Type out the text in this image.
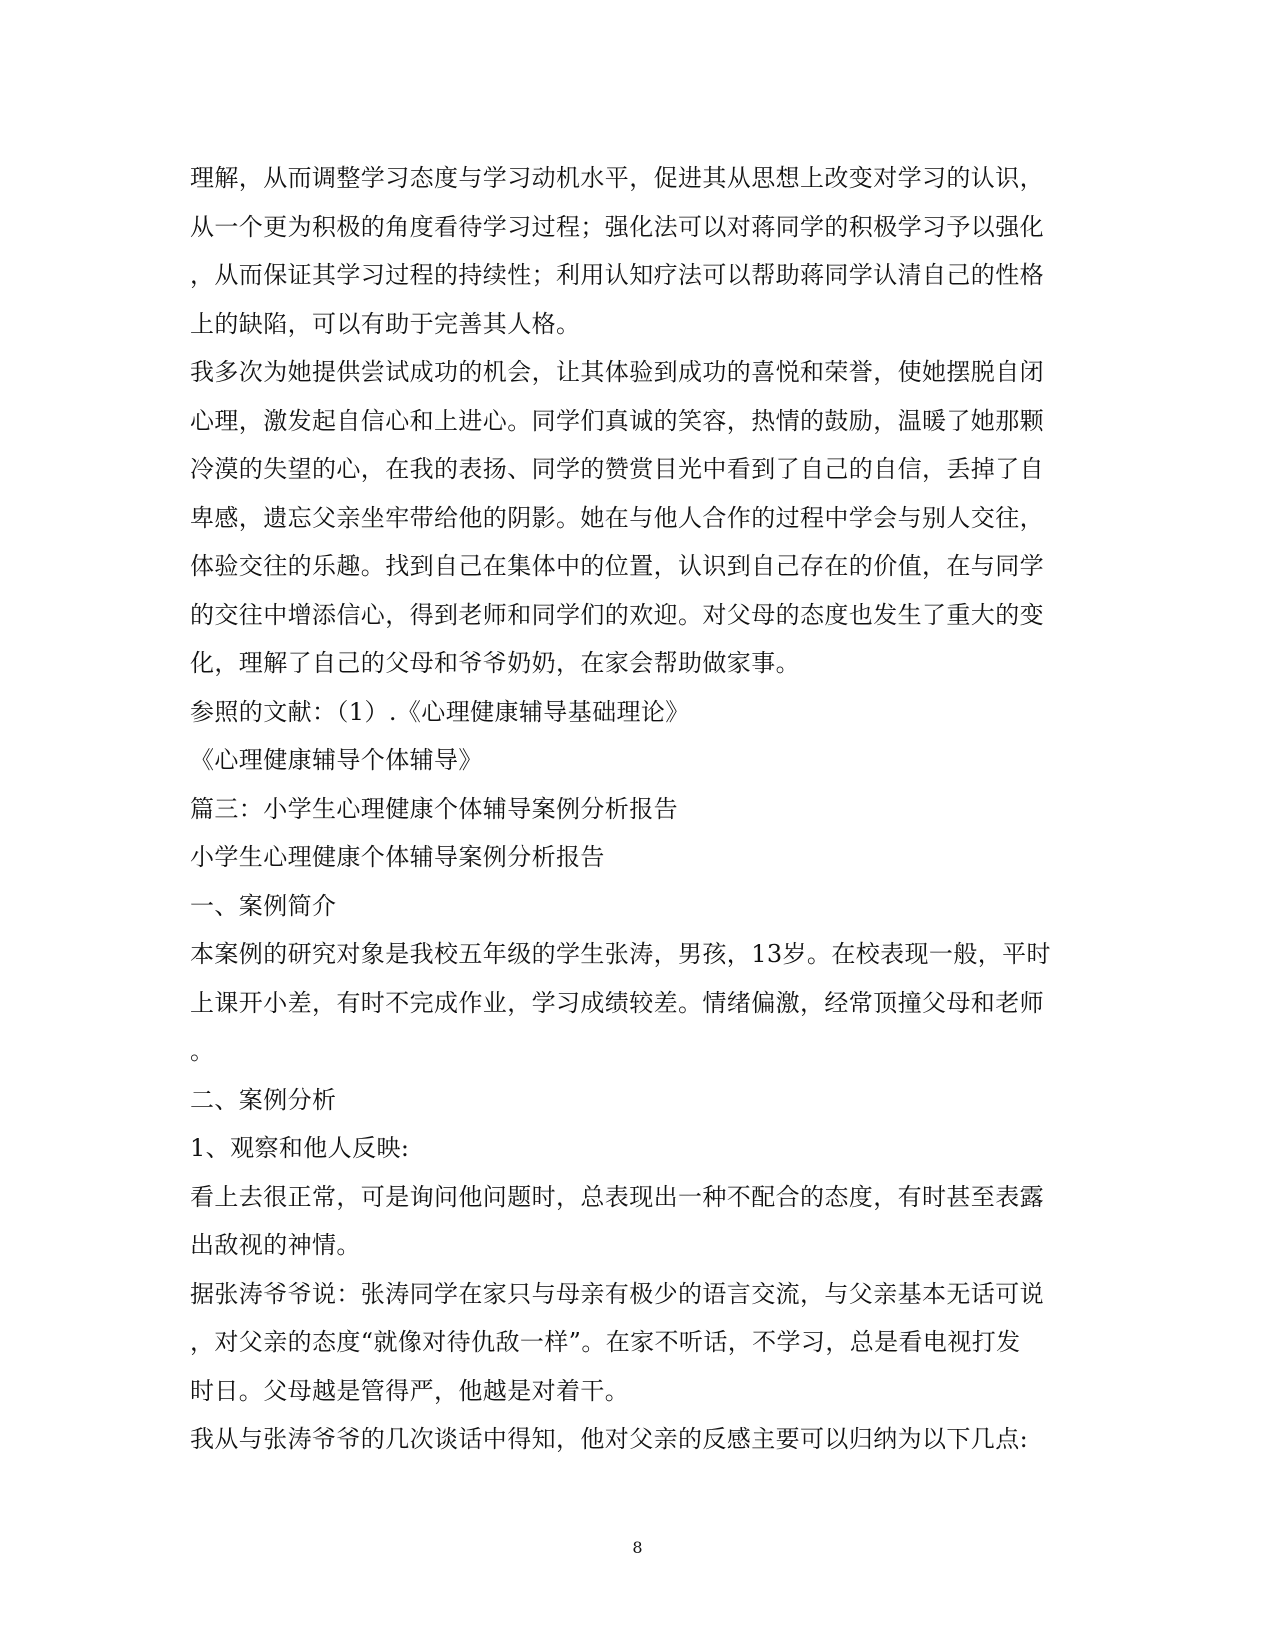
理解，从而调整学习态度与学习动机水平，促进其从思想上改变对学习的认识，
从一个更为积极的角度看待学习过程；强化法可以对蒋同学的积极学习予以强化
，从而保证其学习过程的持续性；利用认知疗法可以帮助蒋同学认清自己的性格
上的缺陷，可以有助于完善其人格。
我多次为她提供尝试成功的机会，让其体验到成功的喜悦和荣誉，使她摆脱自闭
心理，激发起自信心和上进心。同学们真诚的笑容，热情的鼓励，温暖了她那颗
冷漠的失望的心，在我的表扬、同学的赞赏目光中看到了自己的自信，丢掉了自
卑感，遗忘父亲坐牢带给他的阴影。她在与他人合作的过程中学会与别人交往，
体验交往的乐趣。找到自己在集体中的位置，认识到自己存在的价值，在与同学
的交往中增添信心，得到老师和同学们的欢迎。对父母的态度也发生了重大的变
化，理解了自己的父母和爷爷奶奶，在家会帮助做家事。
参照的文献：（1）.《心理健康辅导基础理论》
《心理健康辅导个体辅导》
篇三：小学生心理健康个体辅导案例分析报告
小学生心理健康个体辅导案例分析报告
一、案例简介
本案例的研究对象是我校五年级的学生张涛，男孩，13岁。在校表现一般，平时
上课开小差，有时不完成作业，学习成绩较差。情绪偏激，经常顶撞父母和老师
。
二、案例分析
1、观察和他人反映:
看上去很正常，可是询问他问题时，总表现出一种不配合的态度，有时甚至表露
出敌视的神情。
据张涛爷爷说：张涛同学在家只与母亲有极少的语言交流，与父亲基本无话可说
，对父亲的态度“就像对待仇敌一样”。在家不听话，不学习，总是看电视打发
时日。父母越是管得严，他越是对着干。
我从与张涛爷爷的几次谈话中得知，他对父亲的反感主要可以归纳为以下几点:
8
